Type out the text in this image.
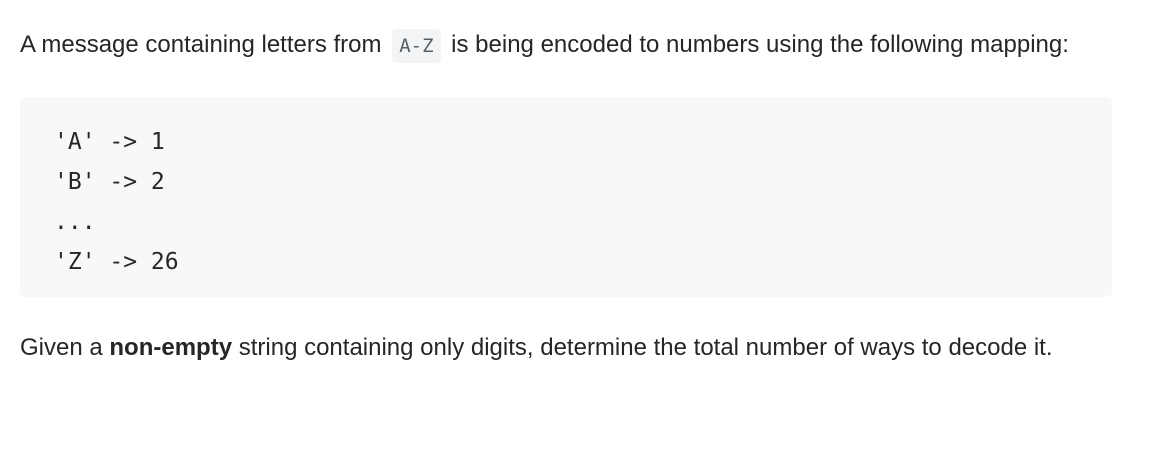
A message containing letters from A-Z is being encoded to numbers using the following mapping:

'A' -> 1
'B' -> 2
...
'Z' -> 26

Given a non-empty string containing only digits, determine the total number of ways to decode it.
